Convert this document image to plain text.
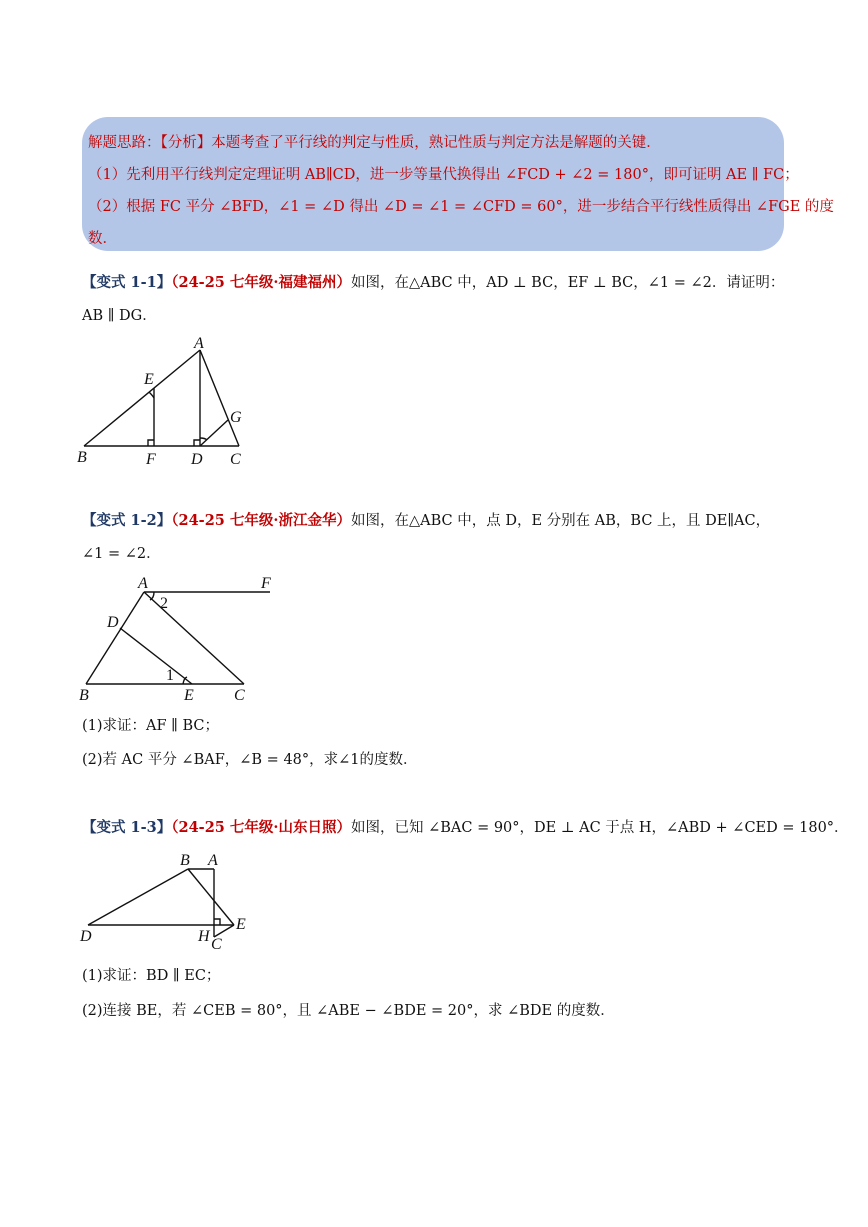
解题思路：【分析】本题考查了平行线的判定与性质，熟记性质与判定方法是解题的关键．
（1）先利用平行线判定定理证明 AB∥CD，进一步等量代换得出 ∠FCD + ∠2 = 180°，即可证明 AE ∥ FC；
（2）根据 FC 平分 ∠BFD，∠1 = ∠D 得出 ∠D = ∠1 = ∠CFD = 60°，进一步结合平行线性质得出 ∠FGE 的度
数．
【变式 1-1】（24-25 七年级·福建福州）如图，在△ABC 中，AD ⊥ BC，EF ⊥ BC，∠1 = ∠2．请证明：
AB ∥ DG．
A
E
G
B	F D C
【变式 1-2】（24-25 七年级·浙江金华）如图，在△ABC 中，点 D，E 分别在 AB，BC 上，且 DE∥AC，
∠1 = ∠2．
A	F
2
D
1
B	E	C
(1)求证：AF ∥ BC；
(2)若 AC 平分 ∠BAF，∠B = 48°，求∠1的度数．
【变式 1-3】（24-25 七年级·山东日照）如图，已知 ∠BAC = 90°，DE ⊥ AC 于点 H，∠ABD + ∠CED = 180°．
B A
E
D	H C
(1)求证：BD ∥ EC；
(2)连接 BE，若 ∠CEB = 80°，且 ∠ABE − ∠BDE = 20°，求 ∠BDE 的度数．
